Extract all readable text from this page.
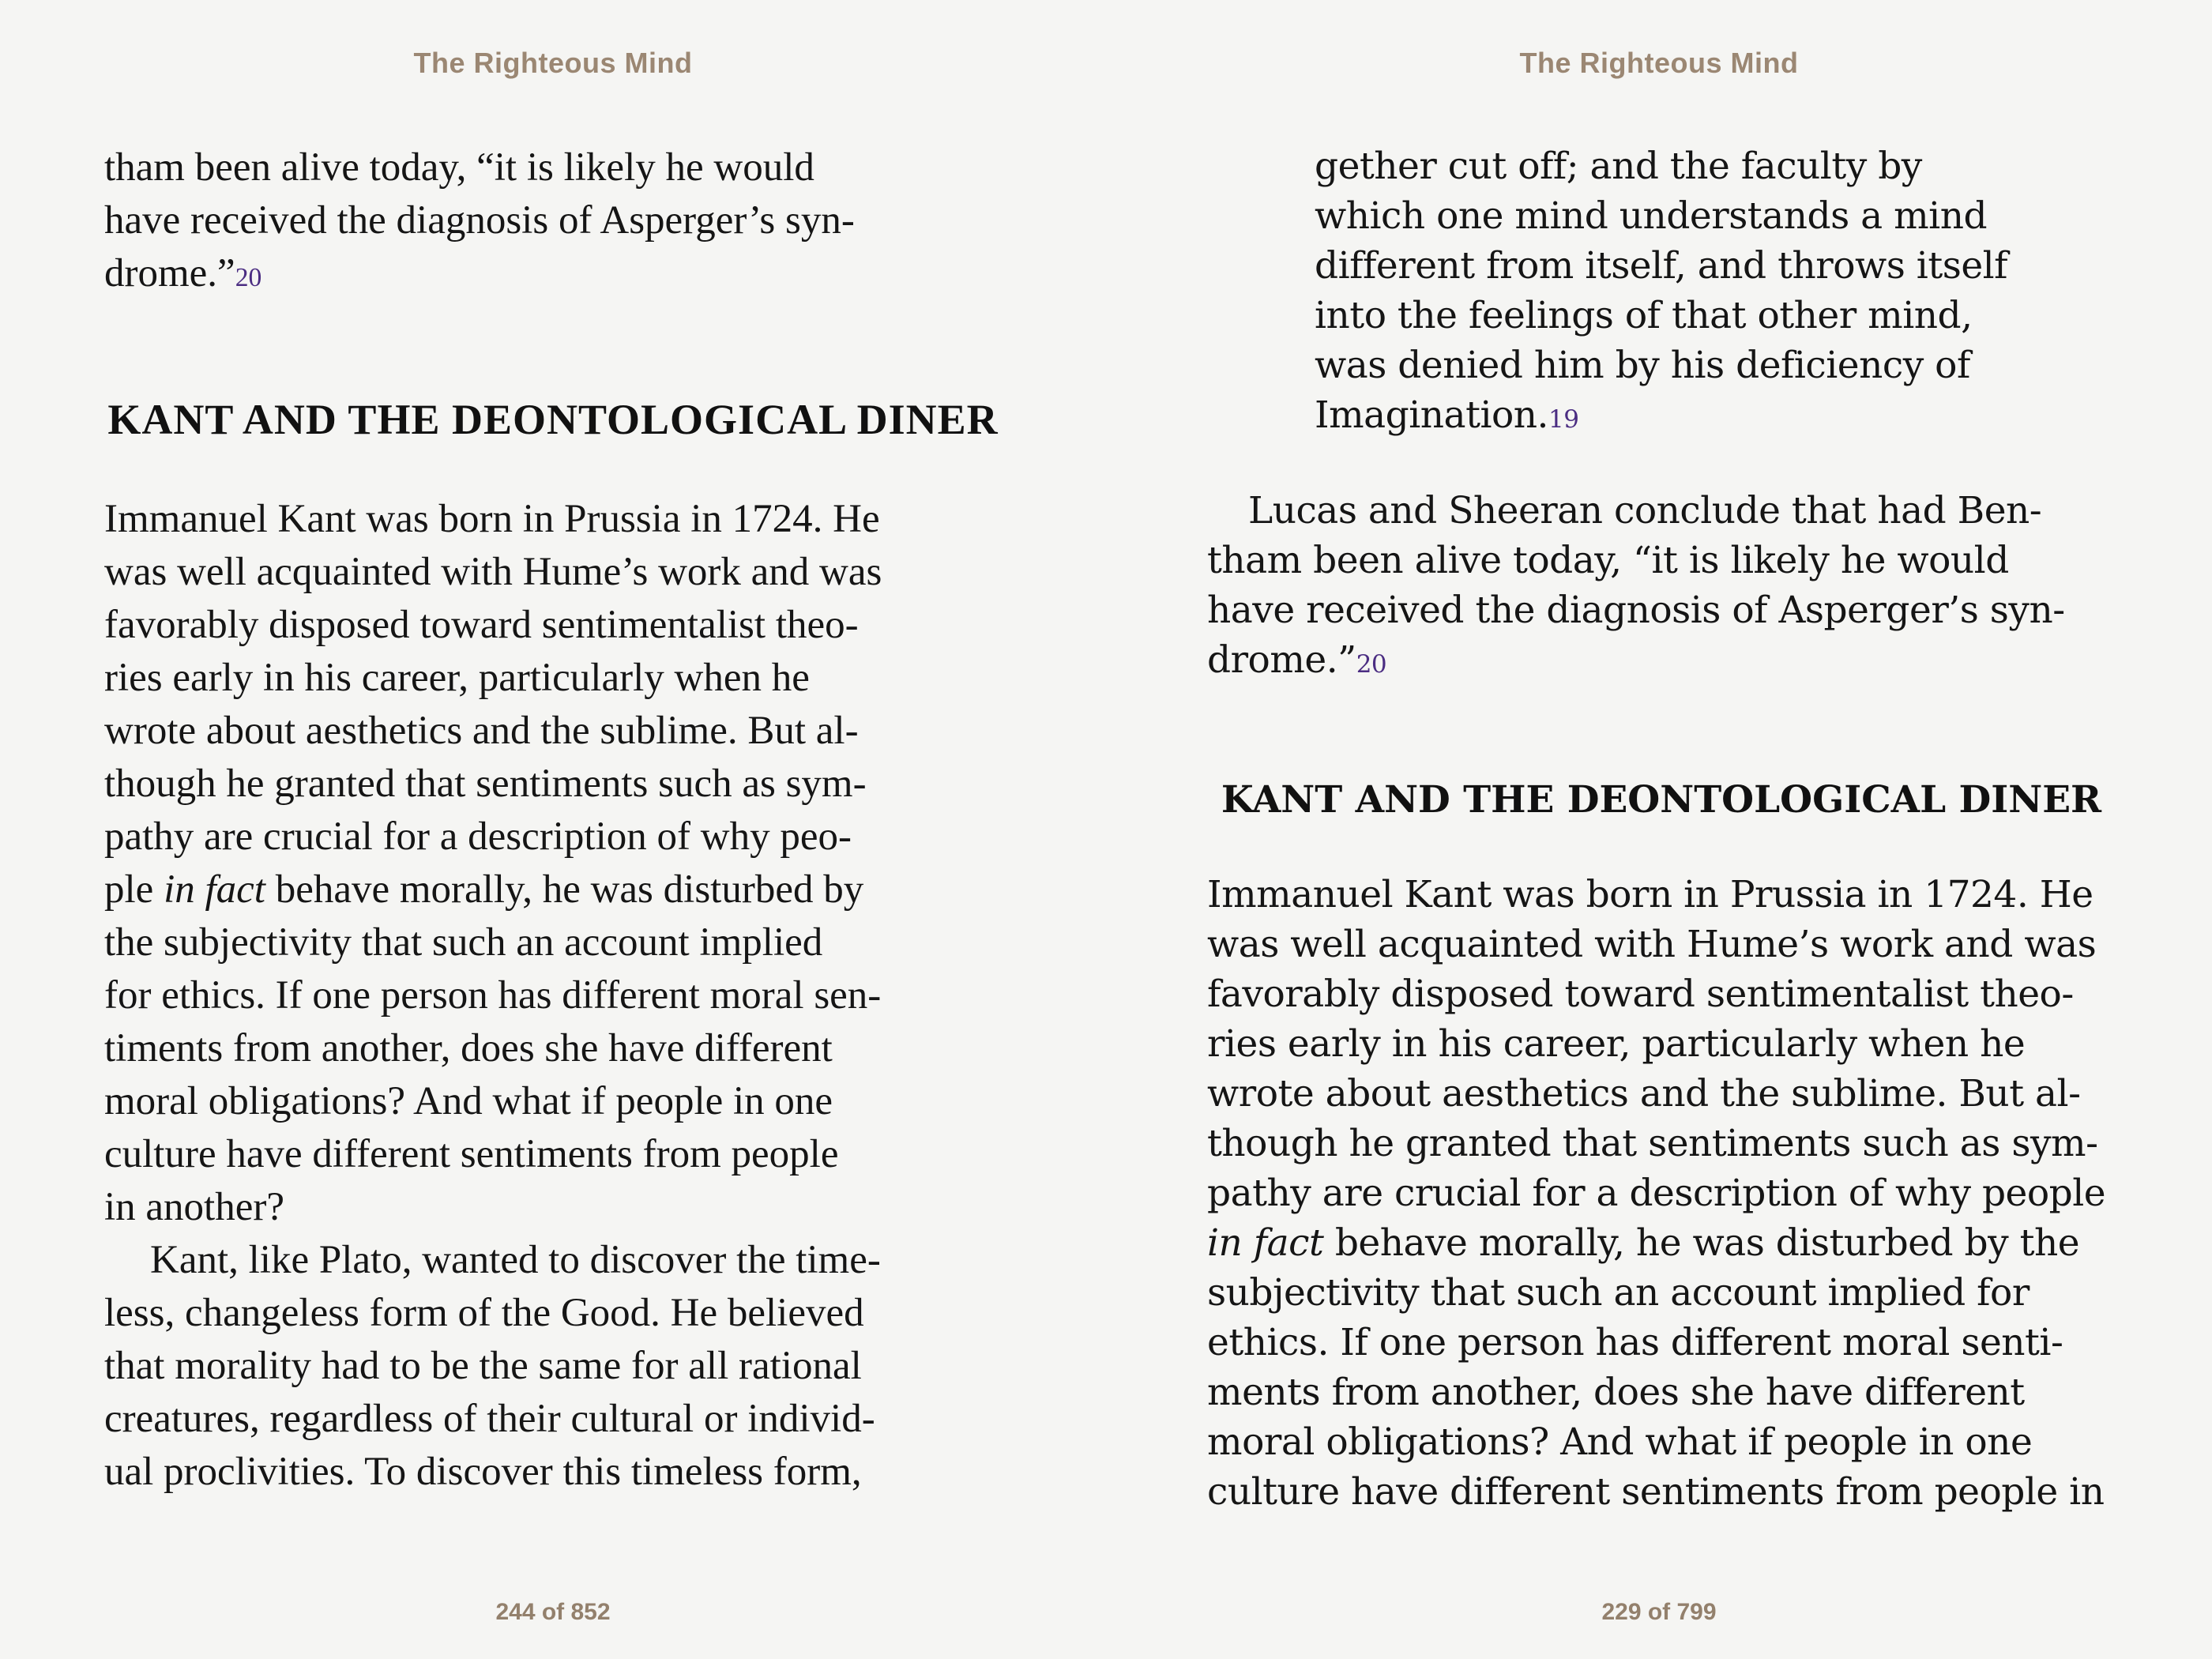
The Righteous Mind
tham been alive today, “it is likely he would
have received the diagnosis of Asperger’s syn-
drome.”20
KANT AND THE DEONTOLOGICAL DINER
Immanuel Kant was born in Prussia in 1724. He
was well acquainted with Hume’s work and was
favorably disposed toward sentimentalist theo-
ries early in his career, particularly when he
wrote about aesthetics and the sublime. But al-
though he granted that sentiments such as sym-
pathy are crucial for a description of why peo-
ple in fact behave morally, he was disturbed by
the subjectivity that such an account implied
for ethics. If one person has different moral sen-
timents from another, does she have different
moral obligations? And what if people in one
culture have different sentiments from people
in another?
Kant, like Plato, wanted to discover the time-
less, changeless form of the Good. He believed
that morality had to be the same for all rational
creatures, regardless of their cultural or individ-
ual proclivities. To discover this timeless form,
244 of 852
The Righteous Mind
gether cut off; and the faculty by
which one mind understands a mind
different from itself, and throws itself
into the feelings of that other mind,
was denied him by his deficiency of
Imagination.19
Lucas and Sheeran conclude that had Ben-
tham been alive today, “it is likely he would
have received the diagnosis of Asperger’s syn-
drome.”20
KANT AND THE DEONTOLOGICAL DINER
Immanuel Kant was born in Prussia in 1724. He
was well acquainted with Hume’s work and was
favorably disposed toward sentimentalist theo-
ries early in his career, particularly when he
wrote about aesthetics and the sublime. But al-
though he granted that sentiments such as sym-
pathy are crucial for a description of why people
in fact behave morally, he was disturbed by the
subjectivity that such an account implied for
ethics. If one person has different moral senti-
ments from another, does she have different
moral obligations? And what if people in one
culture have different sentiments from people in
229 of 799
